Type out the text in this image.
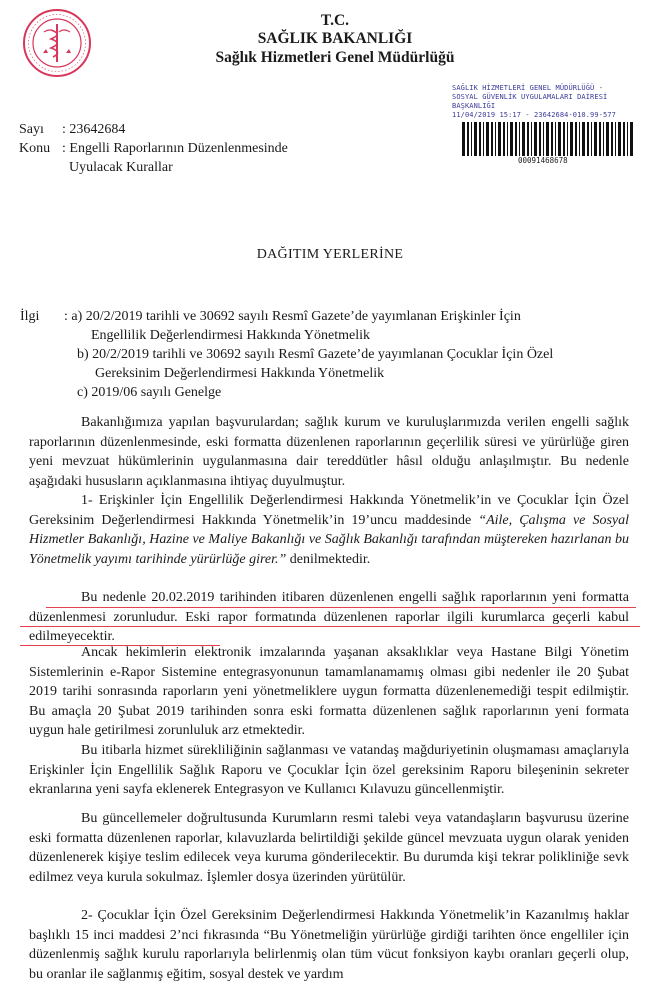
T.C.
SAĞLIK BAKANLIĞI
Sağlık Hizmetleri Genel Müdürlüğü
SAĞLIK HİZMETLERİ GENEL MÜDÜRLÜĞÜ -
SOSYAL GÜVENLİK UYGULAMALARI DAİRESİ
BAŞKANLIĞI
11/04/2019 15:17 - 23642684-010.99-577
00091468678
Sayı : 23642684
Konu : Engelli Raporlarının Düzenlenmesinde
Uyulacak Kurallar
DAĞITIM YERLERİNE
İlgi : a) 20/2/2019 tarihli ve 30692 sayılı Resmî Gazete’de yayımlanan Erişkinler İçin
Engellilik Değerlendirmesi Hakkında Yönetmelik
b) 20/2/2019 tarihli ve 30692 sayılı Resmî Gazete’de yayımlanan Çocuklar İçin Özel
Gereksinim Değerlendirmesi Hakkında Yönetmelik
c) 2019/06 sayılı Genelge

Bakanlığımıza yapılan başvurulardan; sağlık kurum ve kuruluşlarımızda verilen engelli sağlık raporlarının düzenlenmesinde, eski formatta düzenlenen raporlarının geçerlilik süresi ve yürürlüğe giren yeni mevzuat hükümlerinin uygulanmasına dair tereddütler hâsıl olduğu anlaşılmıştır. Bu nedenle aşağıdaki hususların açıklanmasına ihtiyaç duyulmuştur.

1- Erişkinler İçin Engellilik Değerlendirmesi Hakkında Yönetmelik’in ve Çocuklar İçin Özel Gereksinim Değerlendirmesi Hakkında Yönetmelik’in 19’uncu maddesinde “Aile, Çalışma ve Sosyal Hizmetler Bakanlığı, Hazine ve Maliye Bakanlığı ve Sağlık Bakanlığı tarafından müştereken hazırlanan bu Yönetmelik yayımı tarihinde yürürlüğe girer.” denilmektedir.

Bu nedenle 20.02.2019 tarihinden itibaren düzenlenen engelli sağlık raporlarının yeni formatta düzenlenmesi zorunludur. Eski rapor formatında düzenlenen raporlar ilgili kurumlarca geçerli kabul edilmeyecektir.

Ancak hekimlerin elektronik imzalarında yaşanan aksaklıklar veya Hastane Bilgi Yönetim Sistemlerinin e-Rapor Sistemine entegrasyonunun tamamlanamamış olması gibi nedenler ile 20 Şubat 2019 tarihi sonrasında raporların yeni yönetmeliklere uygun formatta düzenlenemediği tespit edilmiştir. Bu amaçla 20 Şubat 2019 tarihinden sonra eski formatta düzenlenen sağlık raporlarının yeni formata uygun hale getirilmesi zorunluluk arz etmektedir.

Bu itibarla hizmet sürekliliğinin sağlanması ve vatandaş mağduriyetinin oluşmaması amaçlarıyla Erişkinler İçin Engellilik Sağlık Raporu ve Çocuklar İçin özel gereksinim Raporu bileşeninin sekreter ekranlarına yeni sayfa eklenerek Entegrasyon ve Kullanıcı Kılavuzu güncellenmiştir.

Bu güncellemeler doğrultusunda Kurumların resmi talebi veya vatandaşların başvurusu üzerine eski formatta düzenlenen raporlar, kılavuzlarda belirtildiği şekilde güncel mevzuata uygun olarak yeniden düzenlenerek kişiye teslim edilecek veya kuruma gönderilecektir. Bu durumda kişi tekrar polikliniğe sevk edilmez veya kurula sokulmaz. İşlemler dosya üzerinden yürütülür.

2- Çocuklar İçin Özel Gereksinim Değerlendirmesi Hakkında Yönetmelik’in Kazanılmış haklar başlıklı 15 inci maddesi 2’nci fıkrasında “Bu Yönetmeliğin yürürlüğe girdiği tarihten önce engelliler için düzenlenmiş sağlık kurulu raporlarıyla belirlenmiş olan tüm vücut fonksiyon kaybı oranları geçerli olup, bu oranlar ile sağlanmış eğitim, sosyal destek ve yardım
